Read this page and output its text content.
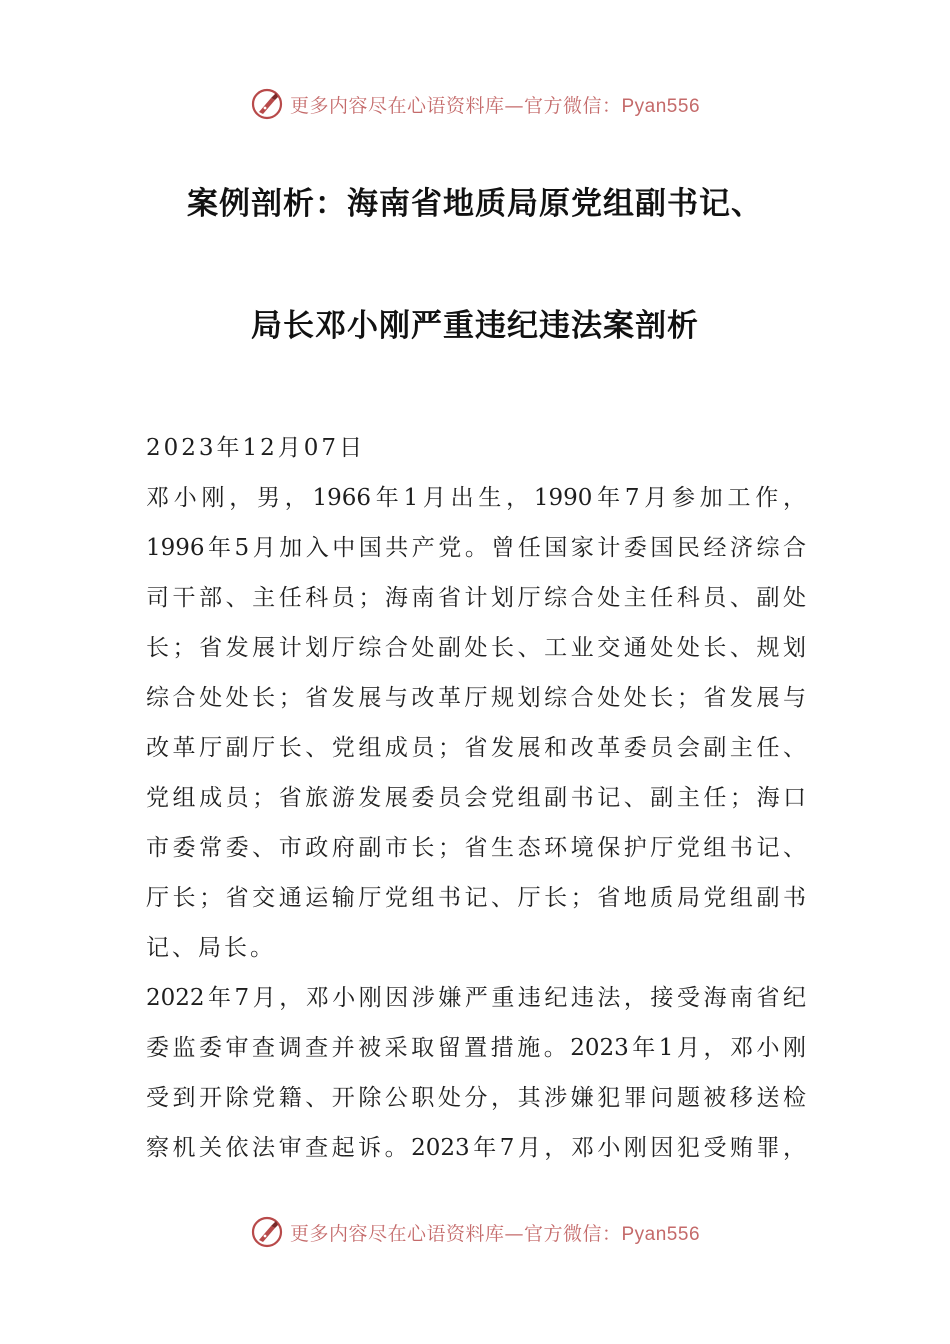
更多内容尽在心语资料库—官方微信：Pyan556
案例剖析：海南省地质局原党组副书记、
局长邓小刚严重违纪违法案剖析
2023年12月07日
邓小刚，男，1966年1月出生，1990年7月参加工作，
1996年5月加入中国共产党。曾任国家计委国民经济综合
司干部、主任科员；海南省计划厅综合处主任科员、副处
长；省发展计划厅综合处副处长、工业交通处处长、规划
综合处处长；省发展与改革厅规划综合处处长；省发展与
改革厅副厅长、党组成员；省发展和改革委员会副主任、
党组成员；省旅游发展委员会党组副书记、副主任；海口
市委常委、市政府副市长；省生态环境保护厅党组书记、
厅长；省交通运输厅党组书记、厅长；省地质局党组副书
记、局长。
2022年7月，邓小刚因涉嫌严重违纪违法，接受海南省纪
委监委审查调查并被采取留置措施。2023年1月，邓小刚
受到开除党籍、开除公职处分，其涉嫌犯罪问题被移送检
察机关依法审查起诉。2023年7月，邓小刚因犯受贿罪，
更多内容尽在心语资料库—官方微信：Pyan556
